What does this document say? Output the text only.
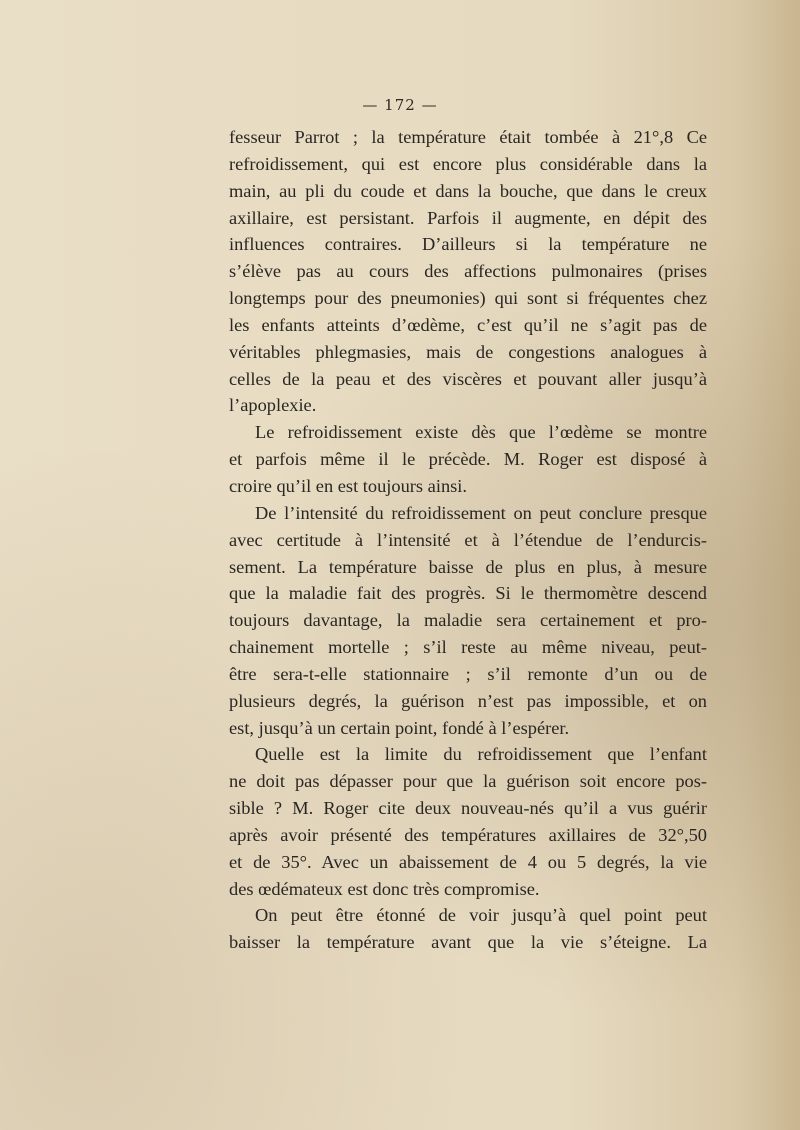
— 172 —

fesseur Parrot ; la température était tombée à 21°,8 Ce

refroidissement, qui est encore plus considérable dans la

main, au pli du coude et dans la bouche, que dans le creux

axillaire, est persistant. Parfois il augmente, en dépit des

influences contraires. D’ailleurs si la température ne

s’élève pas au cours des affections pulmonaires (prises

longtemps pour des pneumonies) qui sont si fréquentes chez

les enfants atteints d’œdème, c’est qu’il ne s’agit pas de

véritables phlegmasies, mais de congestions analogues à

celles de la peau et des viscères et pouvant aller jusqu’à

l’apoplexie.

Le refroidissement existe dès que l’œdème se montre

et parfois même il le précède. M. Roger est disposé à

croire qu’il en est toujours ainsi.

De l’intensité du refroidissement on peut conclure presque

avec certitude à l’intensité et à l’étendue de l’endurcis-

sement. La température baisse de plus en plus, à mesure

que la maladie fait des progrès. Si le thermomètre descend

toujours davantage, la maladie sera certainement et pro-

chainement mortelle ; s’il reste au même niveau, peut-

être sera-t-elle stationnaire ; s’il remonte d’un ou de

plusieurs degrés, la guérison n’est pas impossible, et on

est, jusqu’à un certain point, fondé à l’espérer.

Quelle est la limite du refroidissement que l’enfant

ne doit pas dépasser pour que la guérison soit encore pos-

sible ? M. Roger cite deux nouveau-nés qu’il a vus guérir

après avoir présenté des températures axillaires de 32°,50

et de 35°. Avec un abaissement de 4 ou 5 degrés, la vie

des œdémateux est donc très compromise.

On peut être étonné de voir jusqu’à quel point peut

baisser la température avant que la vie s’éteigne. La
